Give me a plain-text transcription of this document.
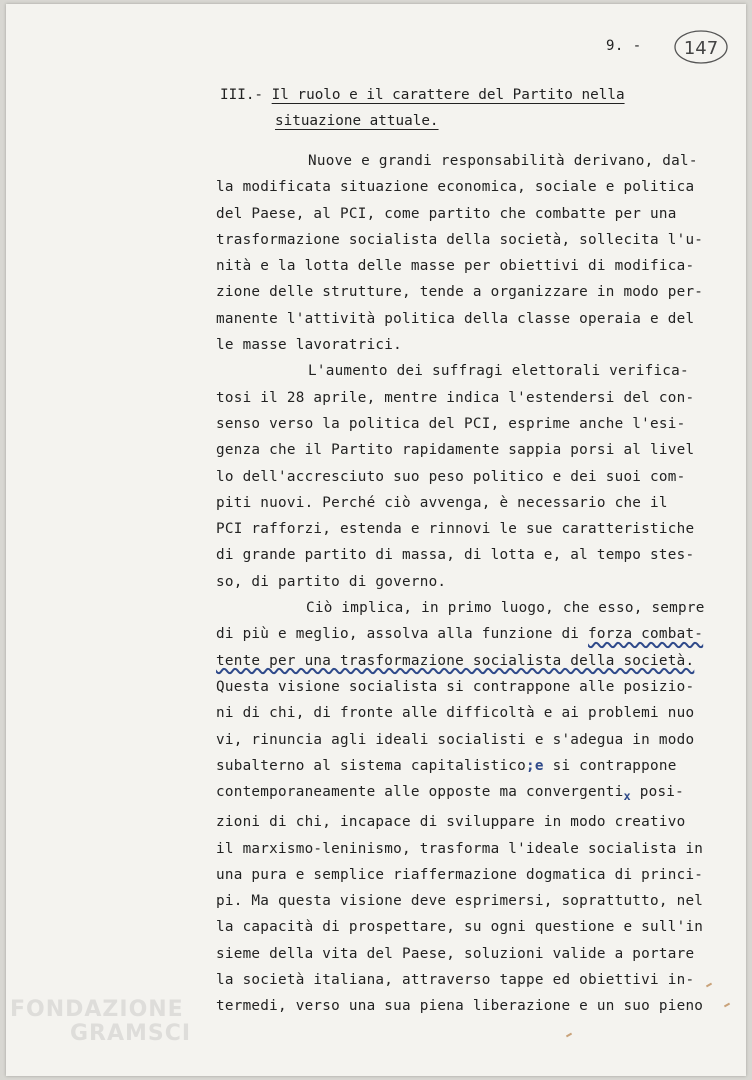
9. - 147
III.- Il ruolo e il carattere del Partito nella
situazione attuale.
Nuove e grandi responsabilità derivano, dal-
la modificata situazione economica, sociale e politica
del Paese, al PCI, come partito che combatte per una
trasformazione socialista della società, sollecita l'u-
nità e la lotta delle masse per obiettivi di modifica-
zione delle strutture, tende a organizzare in modo per-
manente l'attività politica della classe operaia e del
le masse lavoratrici.
L'aumento dei suffragi elettorali verifica-
tosi il 28 aprile, mentre indica l'estendersi del con-
senso verso la politica del PCI, esprime anche l'esi-
genza che il Partito rapidamente sappia porsi al livel
lo dell'accresciuto suo peso politico e dei suoi com-
piti nuovi. Perché ciò avvenga, è necessario che il
PCI rafforzi, estenda e rinnovi le sue caratteristiche
di grande partito di massa, di lotta e, al tempo stes-
so, di partito di governo.
Ciò implica, in primo luogo, che esso, sempre
di più e meglio, assolva alla funzione di forza combat-
tente per una trasformazione socialista della società.
Questa visione socialista si contrappone alle posizio-
ni di chi, di fronte alle difficoltà e ai problemi nuo
vi, rinuncia agli ideali socialisti e s'adegua in modo
subalterno al sistema capitalistico;e si contrappone
contemporaneamente alle opposte ma convergenti$_x$ posi-
zioni di chi, incapace di sviluppare in modo creativo
il marxismo-leninismo, trasforma l'ideale socialista in
una pura e semplice riaffermazione dogmatica di princi-
pi. Ma questa visione deve esprimersi, soprattutto, nel
la capacità di prospettare, su ogni questione e sull'in
sieme della vita del Paese, soluzioni valide a portare
la società italiana, attraverso tappe ed obiettivi in-
termedi, verso una sua piena liberazione e un suo pieno
FONDAZIONE
GRAMSCI
